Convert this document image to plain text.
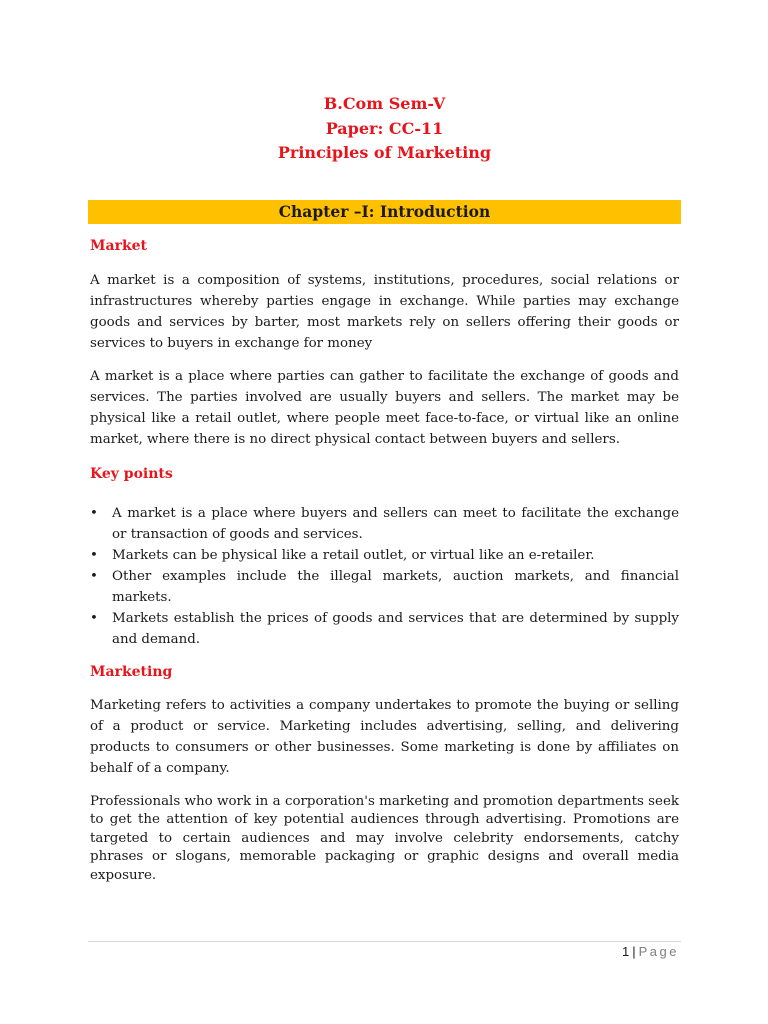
B.Com Sem-V
Paper: CC-11
Principles of Marketing
Chapter –I: Introduction
Market

A market is a composition of systems, institutions, procedures, social relations or infrastructures whereby parties engage in exchange. While parties may exchange goods and services by barter, most markets rely on sellers offering their goods or services to buyers in exchange for money

A market is a place where parties can gather to facilitate the exchange of goods and services. The parties involved are usually buyers and sellers. The market may be physical like a retail outlet, where people meet face-to-face, or virtual like an online market, where there is no direct physical contact between buyers and sellers.

Key points
• A market is a place where buyers and sellers can meet to facilitate the exchange or transaction of goods and services.
• Markets can be physical like a retail outlet, or virtual like an e-retailer.
• Other examples include the illegal markets, auction markets, and financial markets.
• Markets establish the prices of goods and services that are determined by supply and demand.
Marketing

Marketing refers to activities a company undertakes to promote the buying or selling of a product or service. Marketing includes advertising, selling, and delivering products to consumers or other businesses. Some marketing is done by affiliates on behalf of a company.

Professionals who work in a corporation's marketing and promotion departments seek to get the attention of key potential audiences through advertising. Promotions are targeted to certain audiences and may involve celebrity endorsements, catchy phrases or slogans, memorable packaging or graphic designs and overall media exposure.

1 | Page
